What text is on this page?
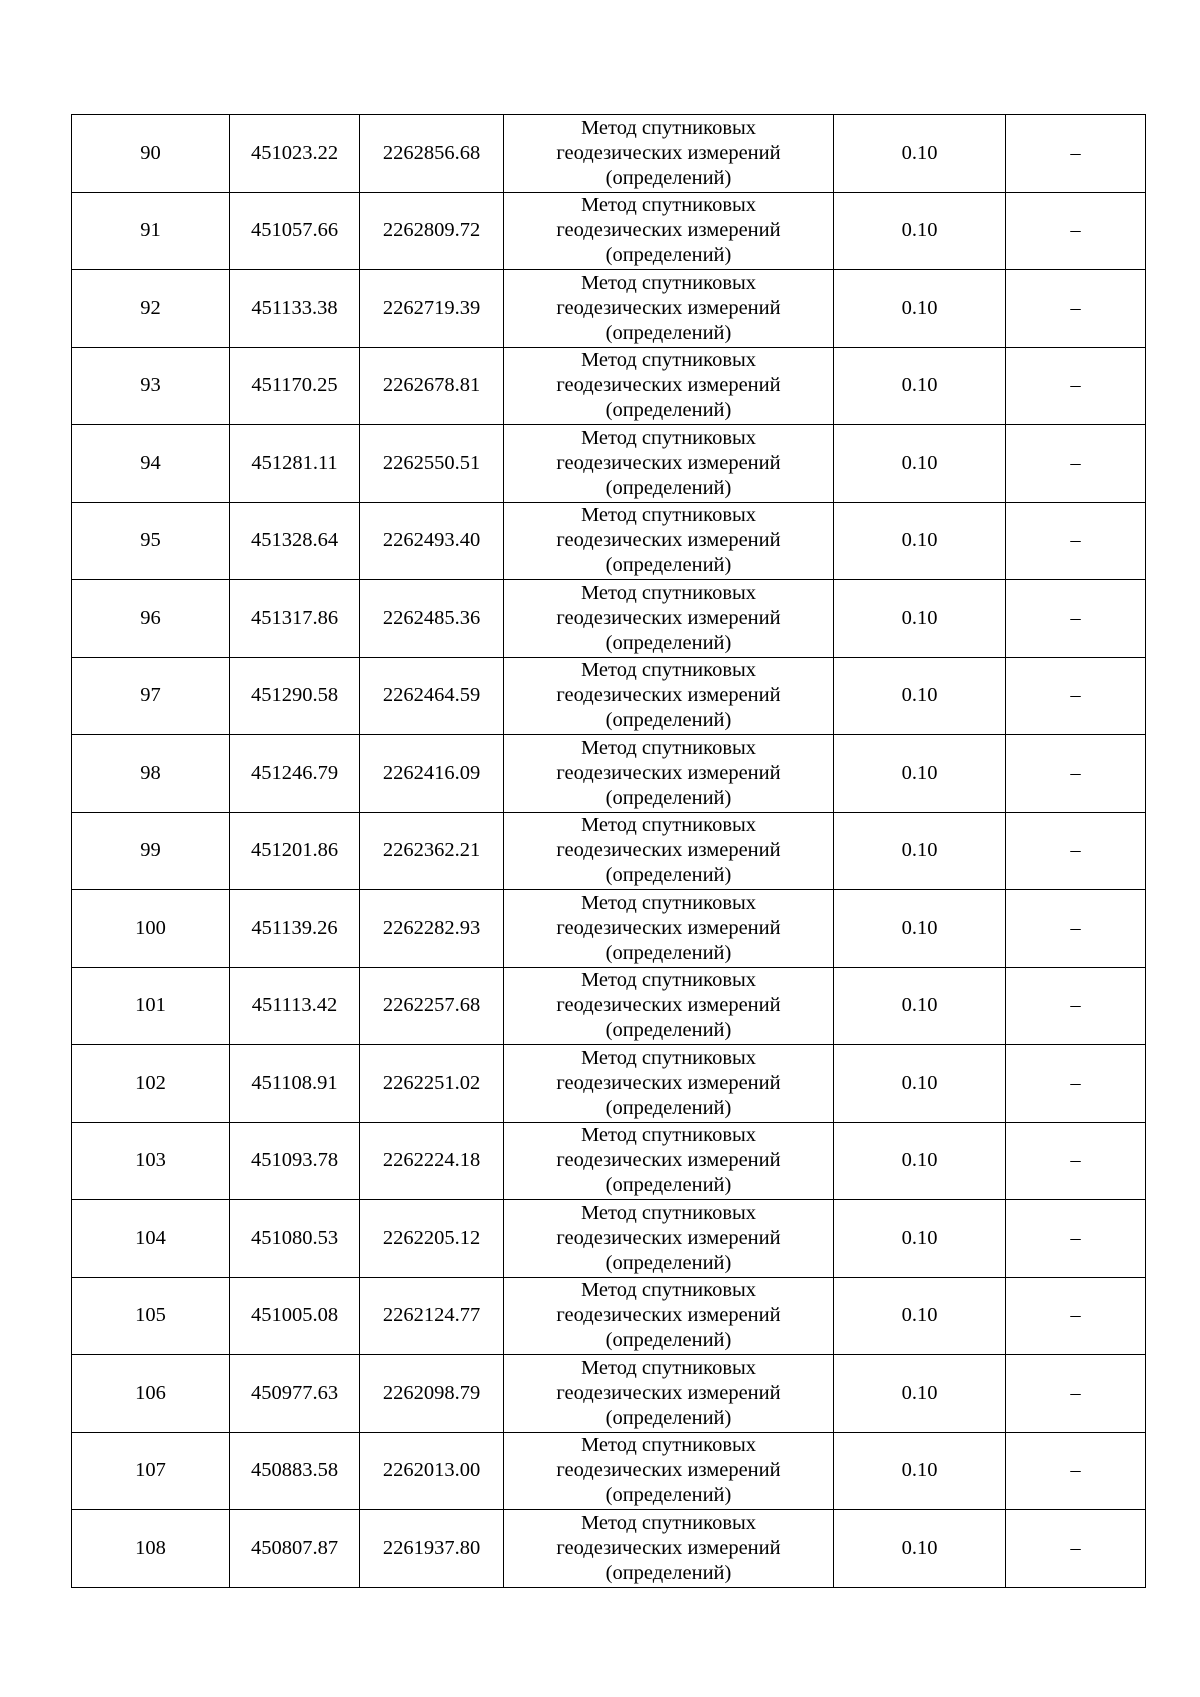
90	451023.22	2262856.68	Метод спутниковых
геодезических измерений
(определений)	0.10	–
91	451057.66	2262809.72	Метод спутниковых
геодезических измерений
(определений)	0.10	–
92	451133.38	2262719.39	Метод спутниковых
геодезических измерений
(определений)	0.10	–
93	451170.25	2262678.81	Метод спутниковых
геодезических измерений
(определений)	0.10	–
94	451281.11	2262550.51	Метод спутниковых
геодезических измерений
(определений)	0.10	–
95	451328.64	2262493.40	Метод спутниковых
геодезических измерений
(определений)	0.10	–
96	451317.86	2262485.36	Метод спутниковых
геодезических измерений
(определений)	0.10	–
97	451290.58	2262464.59	Метод спутниковых
геодезических измерений
(определений)	0.10	–
98	451246.79	2262416.09	Метод спутниковых
геодезических измерений
(определений)	0.10	–
99	451201.86	2262362.21	Метод спутниковых
геодезических измерений
(определений)	0.10	–
100	451139.26	2262282.93	Метод спутниковых
геодезических измерений
(определений)	0.10	–
101	451113.42	2262257.68	Метод спутниковых
геодезических измерений
(определений)	0.10	–
102	451108.91	2262251.02	Метод спутниковых
геодезических измерений
(определений)	0.10	–
103	451093.78	2262224.18	Метод спутниковых
геодезических измерений
(определений)	0.10	–
104	451080.53	2262205.12	Метод спутниковых
геодезических измерений
(определений)	0.10	–
105	451005.08	2262124.77	Метод спутниковых
геодезических измерений
(определений)	0.10	–
106	450977.63	2262098.79	Метод спутниковых
геодезических измерений
(определений)	0.10	–
107	450883.58	2262013.00	Метод спутниковых
геодезических измерений
(определений)	0.10	–
108	450807.87	2261937.80	Метод спутниковых
геодезических измерений
(определений)	0.10	–
